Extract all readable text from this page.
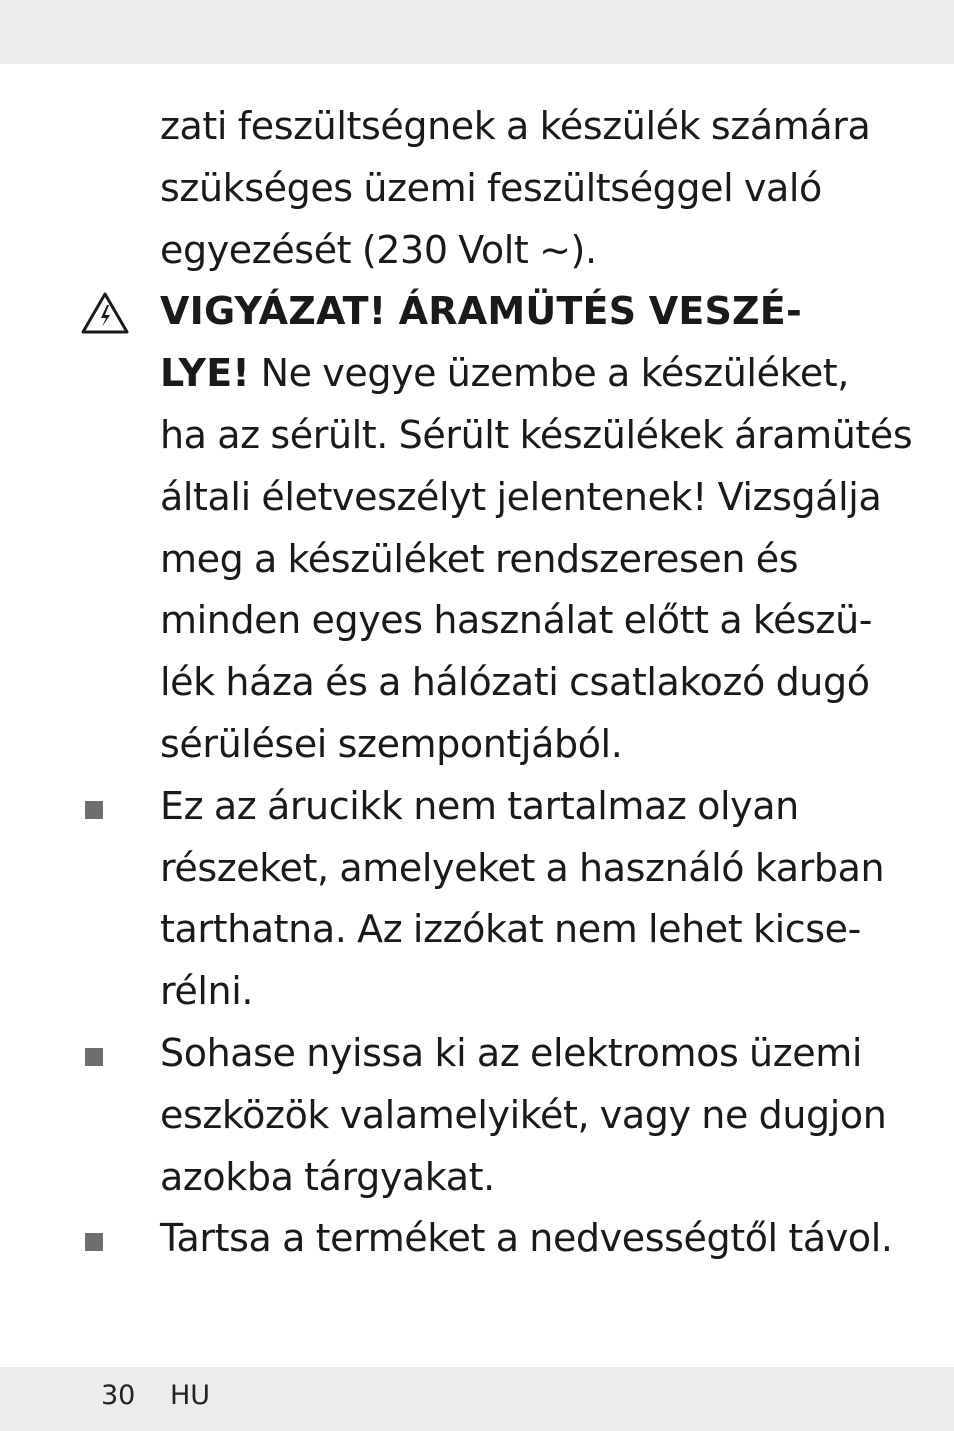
zati feszültségnek a készülék számára
szükséges üzemi feszültséggel való
egyezését (230 Volt ~).
VIGYÁZAT! ÁRAMÜTÉS VESZÉ-
LYE! Ne vegye üzembe a készüléket,
ha az sérült. Sérült készülékek áramütés
általi életveszélyt jelentenek! Vizsgálja
meg a készüléket rendszeresen és
minden egyes használat előtt a készü-
lék háza és a hálózati csatlakozó dugó
sérülései szempontjából.
Ez az árucikk nem tartalmaz olyan
részeket, amelyeket a használó karban
tarthatna. Az izzókat nem lehet kicse-
rélni.
Sohase nyissa ki az elektromos üzemi
eszközök valamelyikét, vagy ne dugjon
azokba tárgyakat.
Tartsa a terméket a nedvességtől távol.
30 HU
